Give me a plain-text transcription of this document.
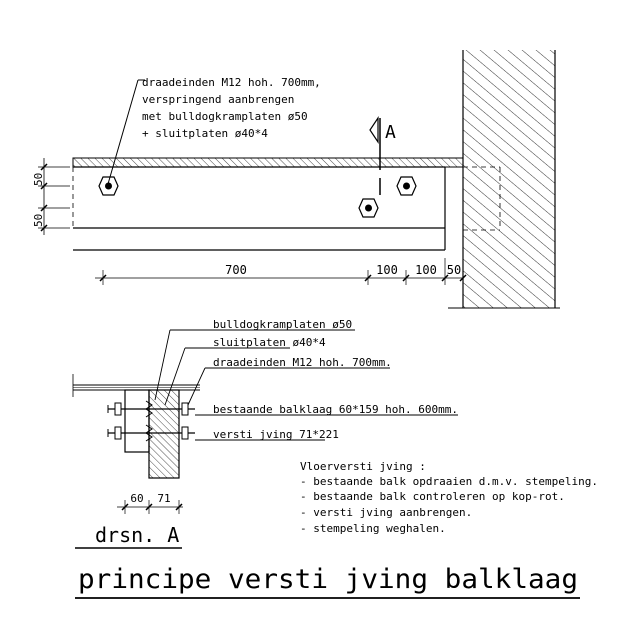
A
draadeinden M12 hoh. 700mm,
verspringend aanbrengen
met bulldogkramplaten ø50
+ sluitplaten ø40*4
50
50
700	100 100 50
bulldogkramplaten ø50
sluitplaten ø40*4
draadeinden M12 hoh. 700mm.
bestaande balklaag 60*159 hoh. 600mm.
versti jving 71*221
60 71
drsn. A
Vloerversti jving :
- bestaande balk opdraaien d.m.v. stempeling.
- bestaande balk controleren op kop-rot.
- versti jving aanbrengen.
- stempeling weghalen.
principe versti jving balklaag
